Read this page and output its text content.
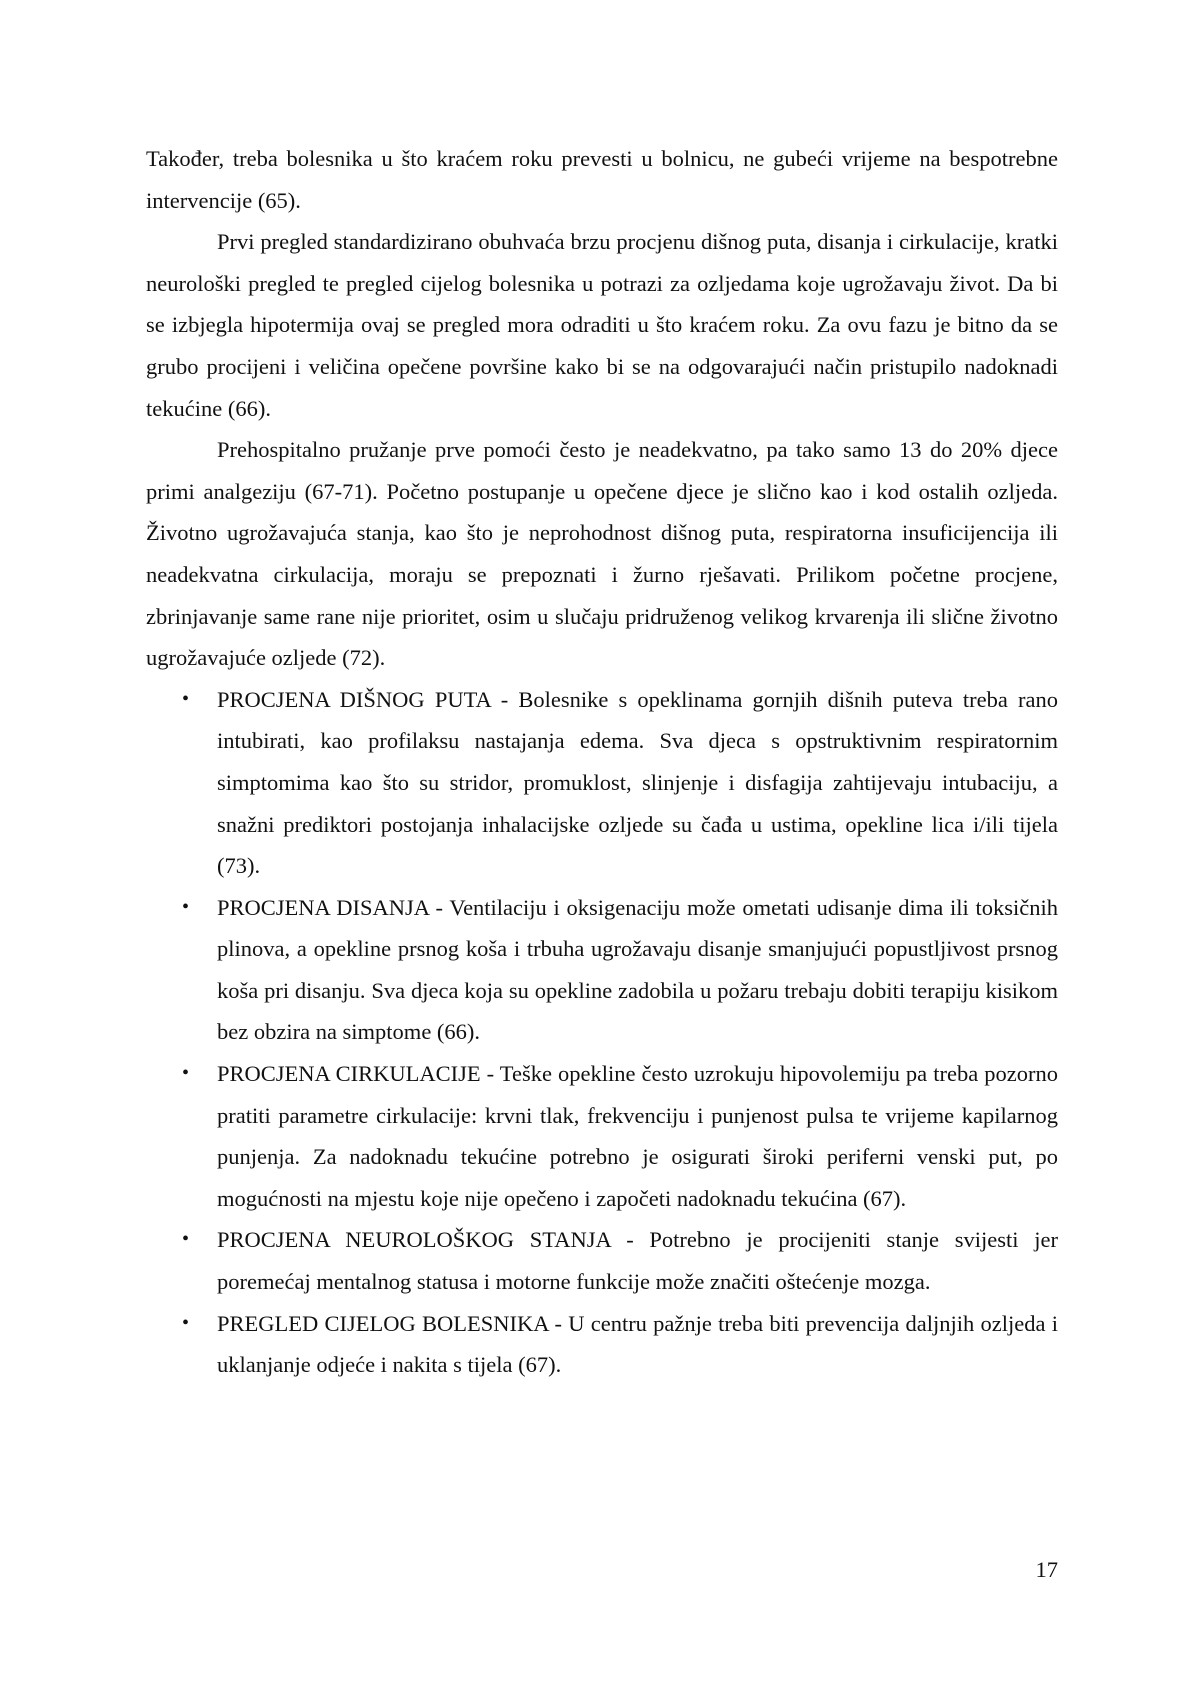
Također, treba bolesnika u što kraćem roku prevesti u bolnicu, ne gubeći vrijeme na bespotrebne intervencije (65).

Prvi pregled standardizirano obuhvaća brzu procjenu dišnog puta, disanja i cirkulacije, kratki neurološki pregled te pregled cijelog bolesnika u potrazi za ozljedama koje ugrožavaju život. Da bi se izbjegla hipotermija ovaj se pregled mora odraditi u što kraćem roku. Za ovu fazu je bitno da se grubo procijeni i veličina opečene površine kako bi se na odgovarajući način pristupilo nadoknadi tekućine (66).

Prehospitalno pružanje prve pomoći često je neadekvatno, pa tako samo 13 do 20% djece primi analgeziju (67-71). Početno postupanje u opečene djece je slično kao i kod ostalih ozljeda. Životno ugrožavajuća stanja, kao što je neprohodnost dišnog puta, respiratorna insuficijencija ili neadekvatna cirkulacija, moraju se prepoznati i žurno rješavati. Prilikom početne procjene, zbrinjavanje same rane nije prioritet, osim u slučaju pridruženog velikog krvarenja ili slične životno ugrožavajuće ozljede (72).

• PROCJENA DIŠNOG PUTA - Bolesnike s opeklinama gornjih dišnih puteva treba rano intubirati, kao profilaksu nastajanja edema. Sva djeca s opstruktivnim respiratornim simptomima kao što su stridor, promuklost, slinjenje i disfagija zahtijevaju intubaciju, a snažni prediktori postojanja inhalacijske ozljede su čađa u ustima, opekline lica i/ili tijela (73).
• PROCJENA DISANJA - Ventilaciju i oksigenaciju može ometati udisanje dima ili toksičnih plinova, a opekline prsnog koša i trbuha ugrožavaju disanje smanjujući popustljivost prsnog koša pri disanju. Sva djeca koja su opekline zadobila u požaru trebaju dobiti terapiju kisikom bez obzira na simptome (66).
• PROCJENA CIRKULACIJE - Teške opekline često uzrokuju hipovolemiju pa treba pozorno pratiti parametre cirkulacije: krvni tlak, frekvenciju i punjenost pulsa te vrijeme kapilarnog punjenja. Za nadoknadu tekućine potrebno je osigurati široki periferni venski put, po mogućnosti na mjestu koje nije opečeno i započeti nadoknadu tekućina (67).
• PROCJENA NEUROLOŠKOG STANJA - Potrebno je procijeniti stanje svijesti jer poremećaj mentalnog statusa i motorne funkcije može značiti oštećenje mozga.
• PREGLED CIJELOG BOLESNIKA - U centru pažnje treba biti prevencija daljnjih ozljeda i uklanjanje odjeće i nakita s tijela (67).
17
